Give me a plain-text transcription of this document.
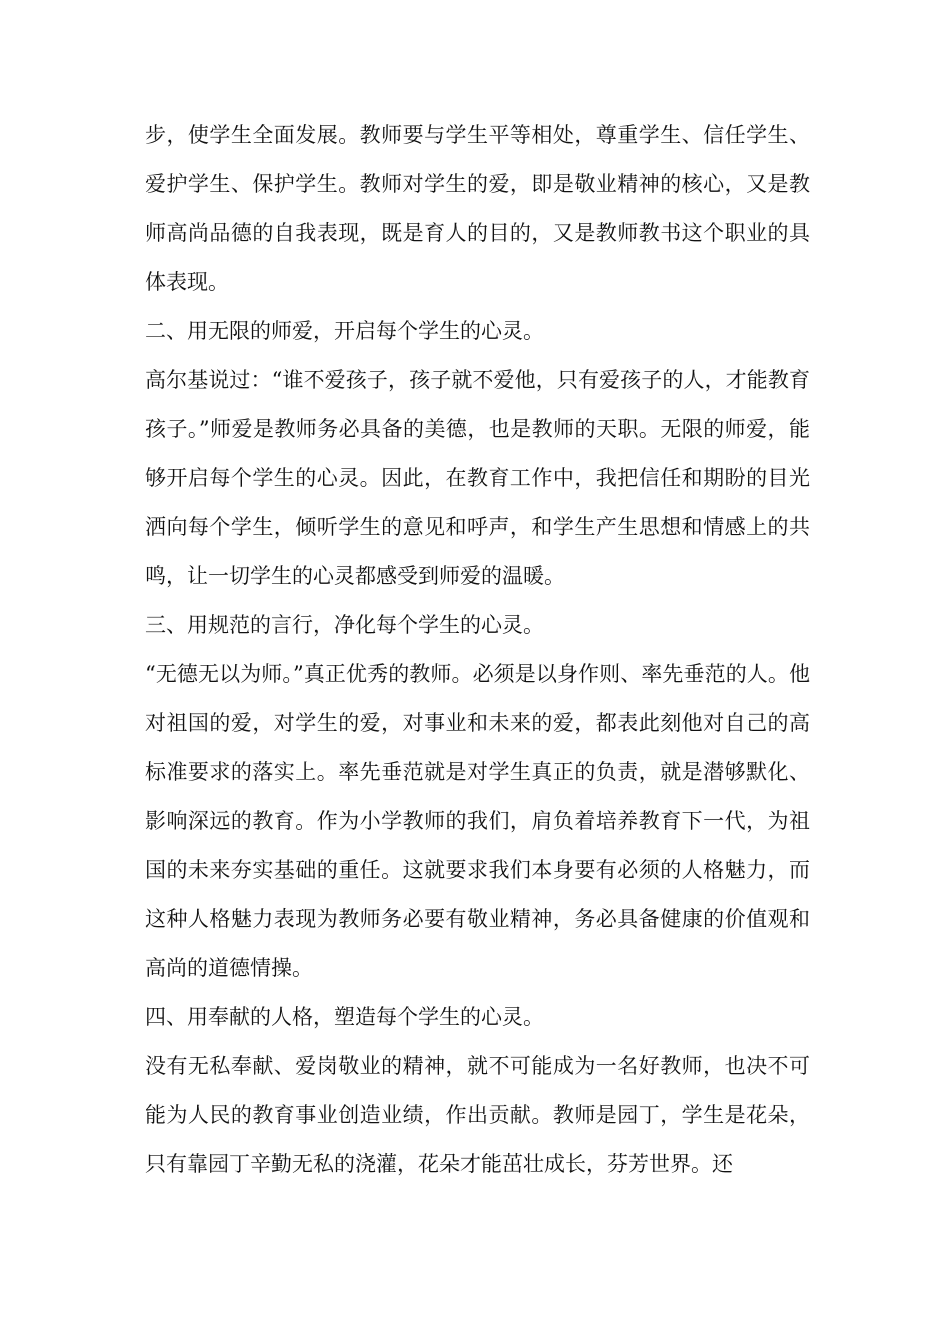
步，使学生全面发展。教师要与学生平等相处，尊重学生、信任学生、爱护学生、保护学生。教师对学生的爱，即是敬业精神的核心，又是教师高尚品德的自我表现，既是育人的目的，又是教师教书这个职业的具体表现。

二、用无限的师爱，开启每个学生的心灵。

高尔基说过：“谁不爱孩子，孩子就不爱他，只有爱孩子的人，才能教育孩子。”师爱是教师务必具备的美德，也是教师的天职。无限的师爱，能够开启每个学生的心灵。因此，在教育工作中，我把信任和期盼的目光洒向每个学生，倾听学生的意见和呼声，和学生产生思想和情感上的共鸣，让一切学生的心灵都感受到师爱的温暖。

三、用规范的言行，净化每个学生的心灵。

“无德无以为师。”真正优秀的教师。必须是以身作则、率先垂范的人。他对祖国的爱，对学生的爱，对事业和未来的爱，都表此刻他对自己的高标准要求的落实上。率先垂范就是对学生真正的负责，就是潜够默化、影响深远的教育。作为小学教师的我们，肩负着培养教育下一代，为祖国的未来夯实基础的重任。这就要求我们本身要有必须的人格魅力，而这种人格魅力表现为教师务必要有敬业精神，务必具备健康的价值观和高尚的道德情操。

四、用奉献的人格，塑造每个学生的心灵。

没有无私奉献、爱岗敬业的精神，就不可能成为一名好教师，也决不可能为人民的教育事业创造业绩，作出贡献。教师是园丁，学生是花朵，只有靠园丁辛勤无私的浇灌，花朵才能茁壮成长，芬芳世界。还
